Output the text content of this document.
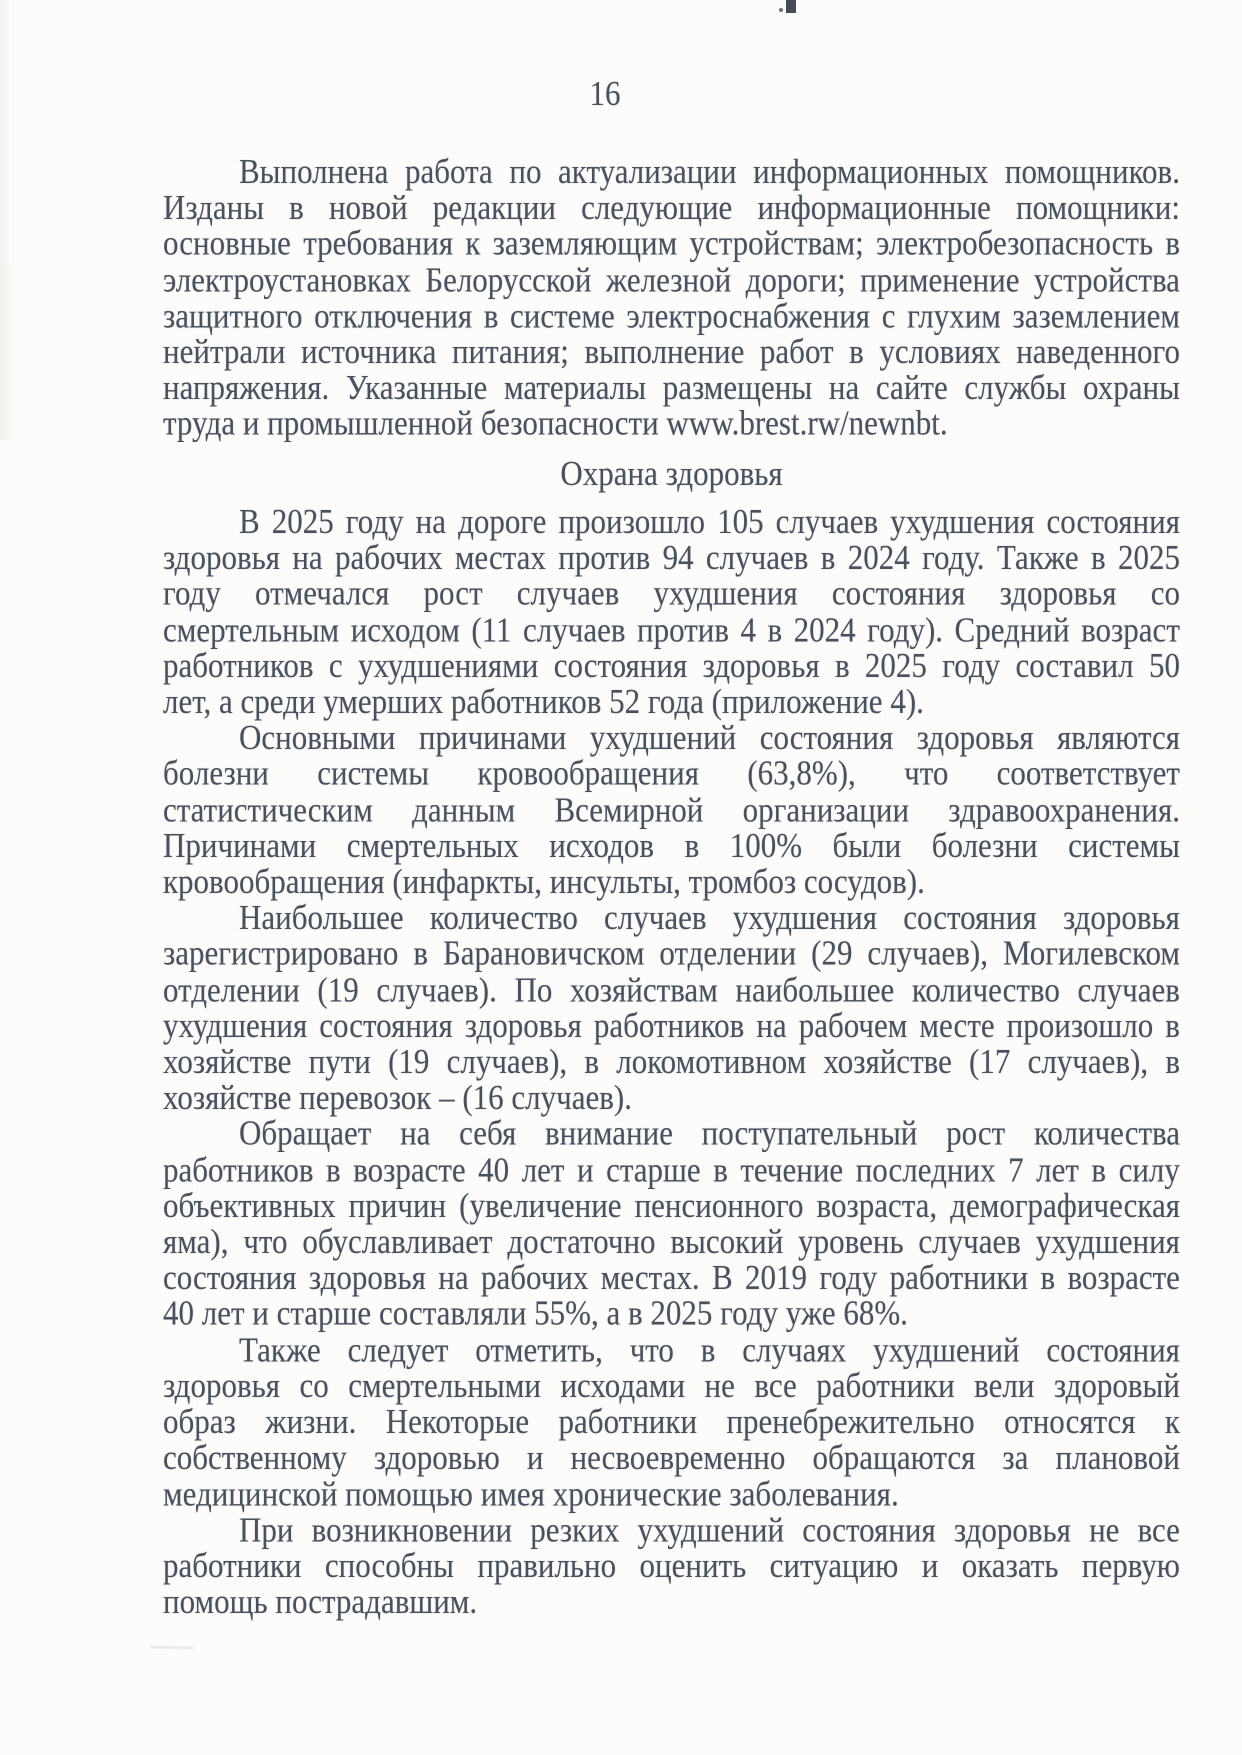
16
Выполнена работа по актуализации информационных помощников.
Изданы в новой редакции следующие информационные помощники:
основные требования к заземляющим устройствам; электробезопасность в
электроустановках Белорусской железной дороги; применение устройства
защитного отключения в системе электроснабжения с глухим заземлением
нейтрали источника питания; выполнение работ в условиях наведенного
напряжения. Указанные материалы размещены на сайте службы охраны
труда и промышленной безопасности www.brest.rw/newnbt.
Охрана здоровья
В 2025 году на дороге произошло 105 случаев ухудшения состояния
здоровья на рабочих местах против 94 случаев в 2024 году. Также в 2025
году отмечался рост случаев ухудшения состояния здоровья со
смертельным исходом (11 случаев против 4 в 2024 году). Средний возраст
работников с ухудшениями состояния здоровья в 2025 году составил 50
лет, а среди умерших работников 52 года (приложение 4).
Основными причинами ухудшений состояния здоровья являются
болезни системы кровообращения (63,8%), что соответствует
статистическим данным Всемирной организации здравоохранения.
Причинами смертельных исходов в 100% были болезни системы
кровообращения (инфаркты, инсульты, тромбоз сосудов).
Наибольшее количество случаев ухудшения состояния здоровья
зарегистрировано в Барановичском отделении (29 случаев), Могилевском
отделении (19 случаев). По хозяйствам наибольшее количество случаев
ухудшения состояния здоровья работников на рабочем месте произошло в
хозяйстве пути (19 случаев), в локомотивном хозяйстве (17 случаев), в
хозяйстве перевозок – (16 случаев).
Обращает на себя внимание поступательный рост количества
работников в возрасте 40 лет и старше в течение последних 7 лет в силу
объективных причин (увеличение пенсионного возраста, демографическая
яма), что обуславливает достаточно высокий уровень случаев ухудшения
состояния здоровья на рабочих местах. В 2019 году работники в возрасте
40 лет и старше составляли 55%, а в 2025 году уже 68%.
Также следует отметить, что в случаях ухудшений состояния
здоровья со смертельными исходами не все работники вели здоровый
образ жизни. Некоторые работники пренебрежительно относятся к
собственному здоровью и несвоевременно обращаются за плановой
медицинской помощью имея хронические заболевания.
При возникновении резких ухудшений состояния здоровья не все
работники способны правильно оценить ситуацию и оказать первую
помощь пострадавшим.
